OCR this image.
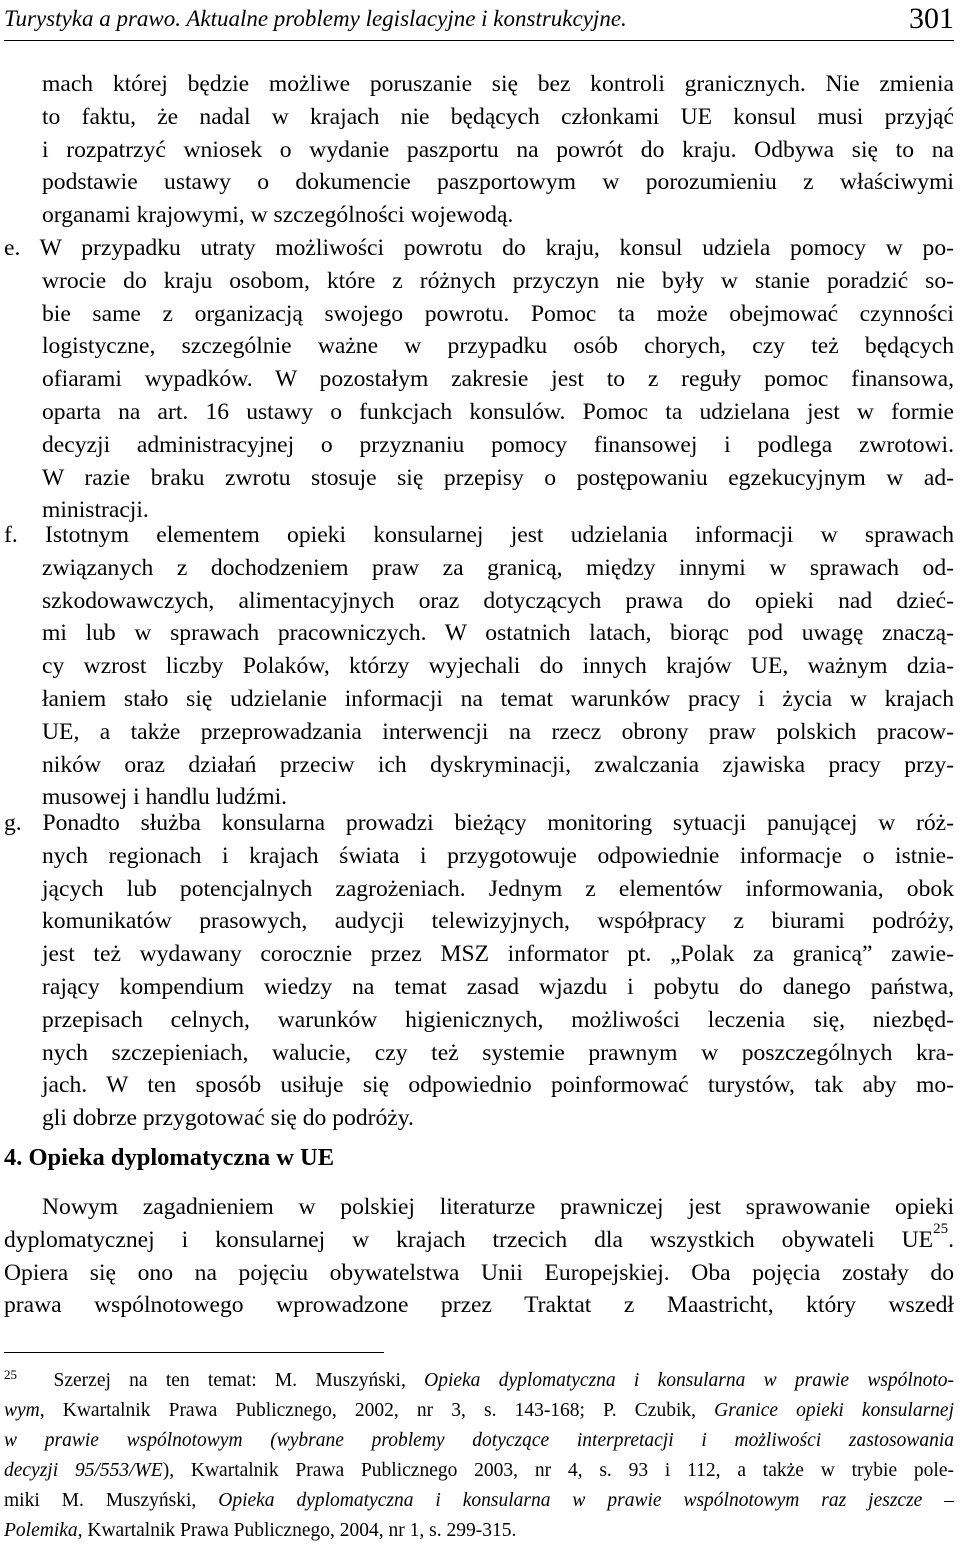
Turystyka a prawo. Aktualne problemy legislacyjne i konstrukcyjne.	301
mach której będzie możliwe poruszanie się bez kontroli granicznych. Nie zmienia
to faktu, że nadal w krajach nie będących członkami UE konsul musi przyjąć
i rozpatrzyć wniosek o wydanie paszportu na powrót do kraju. Odbywa się to na
podstawie ustawy o dokumencie paszportowym w porozumieniu z właściwymi
organami krajowymi, w szczególności wojewodą.
e. W przypadku utraty możliwości powrotu do kraju, konsul udziela pomocy w po-
wrocie do kraju osobom, które z różnych przyczyn nie były w stanie poradzić so-
bie same z organizacją swojego powrotu. Pomoc ta może obejmować czynności
logistyczne, szczególnie ważne w przypadku osób chorych, czy też będących
ofiarami wypadków. W pozostałym zakresie jest to z reguły pomoc finansowa,
oparta na art. 16 ustawy o funkcjach konsulów. Pomoc ta udzielana jest w formie
decyzji administracyjnej o przyznaniu pomocy finansowej i podlega zwrotowi.
W razie braku zwrotu stosuje się przepisy o postępowaniu egzekucyjnym w ad-
ministracji.
f. Istotnym elementem opieki konsularnej jest udzielania informacji w sprawach
związanych z dochodzeniem praw za granicą, między innymi w sprawach od-
szkodowawczych, alimentacyjnych oraz dotyczących prawa do opieki nad dzieć-
mi lub w sprawach pracowniczych. W ostatnich latach, biorąc pod uwagę znaczą-
cy wzrost liczby Polaków, którzy wyjechali do innych krajów UE, ważnym dzia-
łaniem stało się udzielanie informacji na temat warunków pracy i życia w krajach
UE, a także przeprowadzania interwencji na rzecz obrony praw polskich pracow-
ników oraz działań przeciw ich dyskryminacji, zwalczania zjawiska pracy przy-
musowej i handlu ludźmi.
g. Ponadto służba konsularna prowadzi bieżący monitoring sytuacji panującej w róż-
nych regionach i krajach świata i przygotowuje odpowiednie informacje o istnie-
jących lub potencjalnych zagrożeniach. Jednym z elementów informowania, obok
komunikatów prasowych, audycji telewizyjnych, współpracy z biurami podróży,
jest też wydawany corocznie przez MSZ informator pt. „Polak za granicą” zawie-
rający kompendium wiedzy na temat zasad wjazdu i pobytu do danego państwa,
przepisach celnych, warunków higienicznych, możliwości leczenia się, niezbęd-
nych szczepieniach, walucie, czy też systemie prawnym w poszczególnych kra-
jach. W ten sposób usiłuje się odpowiednio poinformować turystów, tak aby mo-
gli dobrze przygotować się do podróży.
4. Opieka dyplomatyczna w UE
Nowym zagadnieniem w polskiej literaturze prawniczej jest sprawowanie opieki
dyplomatycznej i konsularnej w krajach trzecich dla wszystkich obywateli UE$^{25}$.
Opiera się ono na pojęciu obywatelstwa Unii Europejskiej. Oba pojęcia zostały do
prawa wspólnotowego wprowadzone przez Traktat z Maastricht, który wszedł
$^{25}$ Szerzej na ten temat: M. Muszyński, Opieka dyplomatyczna i konsularna w prawie wspólnoto-
wym, Kwartalnik Prawa Publicznego, 2002, nr 3, s. 143-168; P. Czubik, Granice opieki konsularnej
w prawie wspólnotowym (wybrane problemy dotyczące interpretacji i możliwości zastosowania
decyzji 95/553/WE), Kwartalnik Prawa Publicznego 2003, nr 4, s. 93 i 112, a także w trybie pole-
miki M. Muszyński, Opieka dyplomatyczna i konsularna w prawie wspólnotowym raz jeszcze –
Polemika, Kwartalnik Prawa Publicznego, 2004, nr 1, s. 299-315.
